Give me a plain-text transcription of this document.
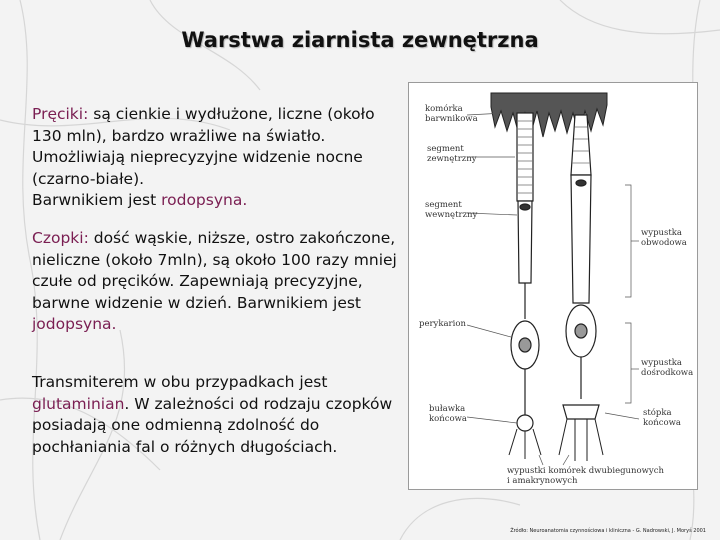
Warstwa ziarnista zewnętrzna
Pręciki: są cienkie i wydłużone, liczne (około 130 mln), bardzo wrażliwe na światło. Umożliwiają nieprecyzyjne widzenie nocne (czarno-białe).
Barwnikiem jest rodopsyna.
Czopki: dość wąskie, niższe, ostro zakończone, nieliczne (około 7mln), są około 100 razy mniej czułe od pręcików. Zapewniają precyzyjne, barwne widzenie w dzień. Barwnikiem jest jodopsyna.
Transmiterem w obu przypadkach jest glutaminian. W zależności od rodzaju czopków posiadają one odmienną zdolność do pochłaniania fal o różnych długościach.
komórka
barwnikowa
segment
zewnętrzny
segment
wewnętrzny
wypustka
obwodowa
perykarion
wypustka
dośrodkowa
buławka
końcowa
stópka
końcowa
wypustki komórek dwubiegunowych
i amakrynowych
Źródło: Neuroanatomia czynnościowa i kliniczna - G. Nadrowski, J. Moryś 2001
